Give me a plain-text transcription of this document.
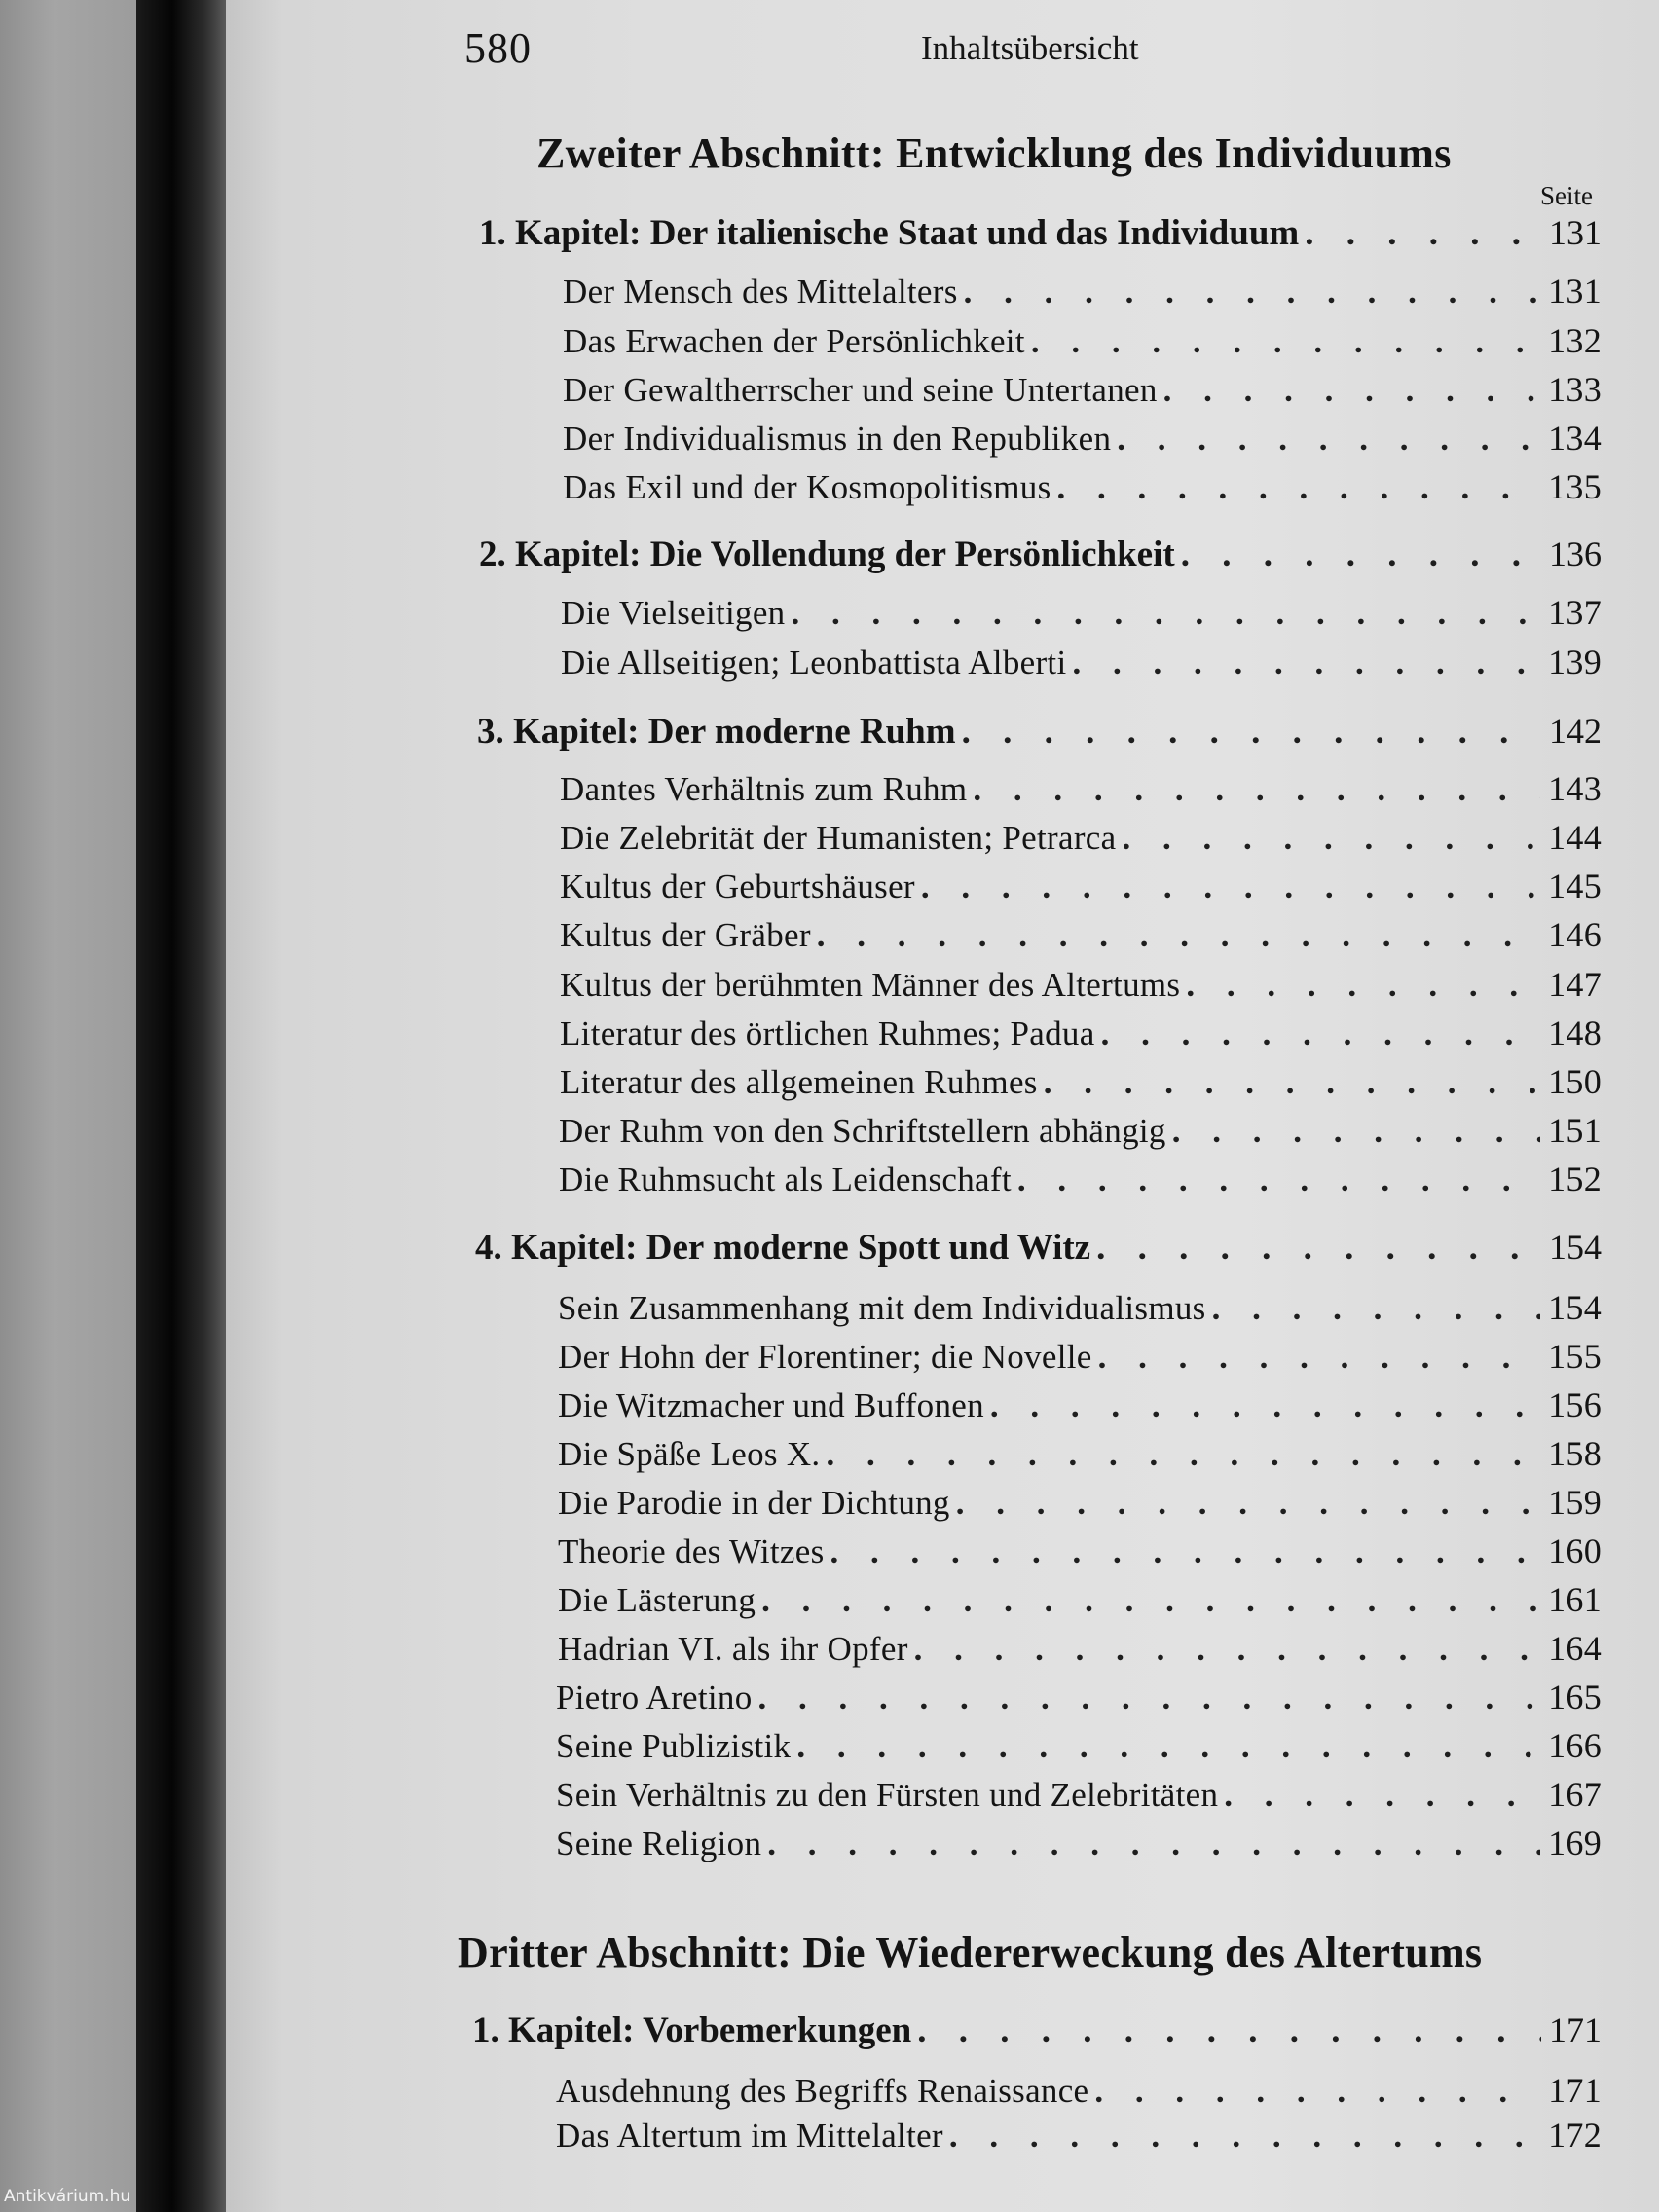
580	Inhaltsübersicht
Zweiter Abschnitt: Entwicklung des Individuums
Seite
1. Kapitel: Der italienische Staat und das Individuum . . .	131
Der Mensch des Mittelalters . . .	131
Das Erwachen der Persönlichkeit . . .	132
Der Gewaltherrscher und seine Untertanen . . .	133
Der Individualismus in den Republiken . . .	134
Das Exil und der Kosmopolitismus . . .	135
2. Kapitel: Die Vollendung der Persönlichkeit . . .	136
Die Vielseitigen . . .	137
Die Allseitigen; Leonbattista Alberti . . .	139
3. Kapitel: Der moderne Ruhm . . .	142
Dantes Verhältnis zum Ruhm . . .	143
Die Zelebrität der Humanisten; Petrarca . . .	144
Kultus der Geburtshäuser . . .	145
Kultus der Gräber . . .	146
Kultus der berühmten Männer des Altertums . . .	147
Literatur des örtlichen Ruhmes; Padua . . .	148
Literatur des allgemeinen Ruhmes . . .	150
Der Ruhm von den Schriftstellern abhängig . . .	151
Die Ruhmsucht als Leidenschaft . . .	152
4. Kapitel: Der moderne Spott und Witz . . .	154
Sein Zusammenhang mit dem Individualismus . . .	154
Der Hohn der Florentiner; die Novelle . . .	155
Die Witzmacher und Buffonen . . .	156
Die Späße Leos X. . . .	158
Die Parodie in der Dichtung . . .	159
Theorie des Witzes . . .	160
Die Lästerung . . .	161
Hadrian VI. als ihr Opfer . . .	164
Pietro Aretino . . .	165
Seine Publizistik . . .	166
Sein Verhältnis zu den Fürsten und Zelebritäten . . .	167
Seine Religion . . .	169
Dritter Abschnitt: Die Wiedererweckung des Altertums
1. Kapitel: Vorbemerkungen . . .	171
Ausdehnung des Begriffs Renaissance . . .	171
Das Altertum im Mittelalter . . .	172
Antikvárium.hu
